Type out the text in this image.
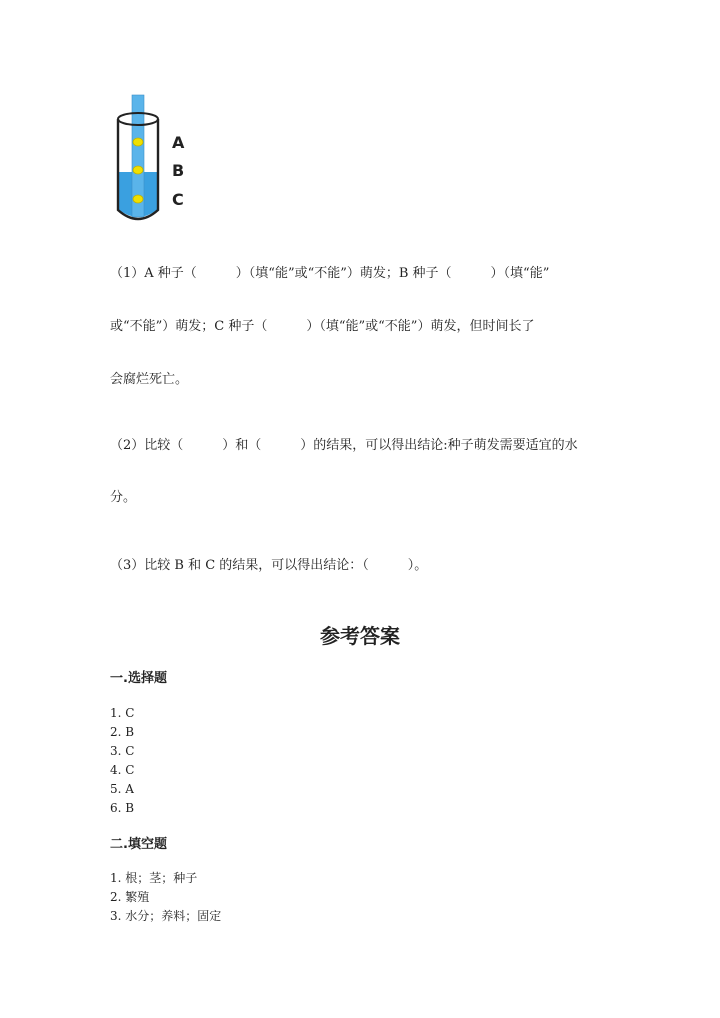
A
B
C
（1）A 种子（　　　）（填“能”或“不能”）萌发；B 种子（　　　）（填“能”
或“不能”）萌发；C 种子（　　　）（填“能”或“不能”）萌发，但时间长了
会腐烂死亡。
（2）比较（　　　）和（　　　）的结果，可以得出结论:种子萌发需要适宜的水
分。
（3）比较 B 和 C 的结果，可以得出结论：（　　　）。
参考答案
一.选择题
1. C
2. B
3. C
4. C
5. A
6. B
二.填空题
1. 根；茎；种子
2. 繁殖
3. 水分；养料；固定
